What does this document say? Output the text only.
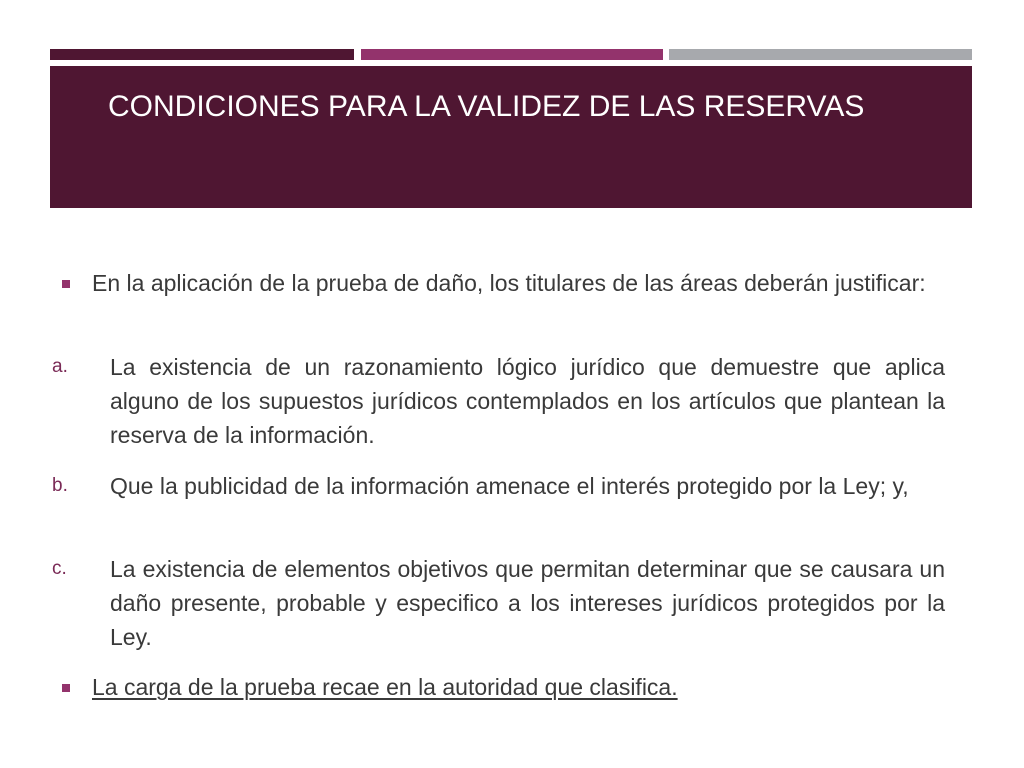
CONDICIONES PARA LA VALIDEZ DE LAS RESERVAS
En la aplicación de la prueba de daño, los titulares de las áreas deberán justificar:
a. La existencia de un razonamiento lógico jurídico que demuestre que aplica alguno de los supuestos jurídicos contemplados en los artículos que plantean la reserva de la información.
b. Que la publicidad de la información amenace el interés protegido por la Ley; y,
c. La existencia de elementos objetivos que permitan determinar que se causara un daño presente, probable y especifico a los intereses jurídicos protegidos por la Ley.
La carga de la prueba recae en la autoridad que clasifica.
